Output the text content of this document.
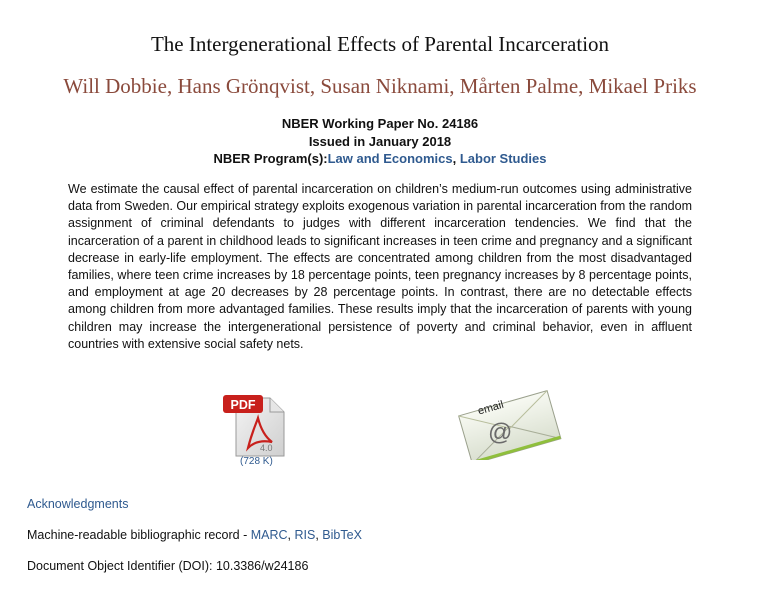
The Intergenerational Effects of Parental Incarceration
Will Dobbie, Hans Grönqvist, Susan Niknami, Mårten Palme, Mikael Priks
NBER Working Paper No. 24186
Issued in January 2018
NBER Program(s):Law and Economics, Labor Studies

We estimate the causal effect of parental incarceration on children’s medium-run outcomes using administrative data from Sweden. Our empirical strategy exploits exogenous variation in parental incarceration from the random assignment of criminal defendants to judges with different incarceration tendencies. We find that the incarceration of a parent in childhood leads to significant increases in teen crime and pregnancy and a significant decrease in early-life employment. The effects are concentrated among children from the most disadvantaged families, where teen crime increases by 18 percentage points, teen pregnancy increases by 8 percentage points, and employment at age 20 decreases by 28 percentage points. In contrast, there are no detectable effects among children from more advantaged families. These results imply that the incarceration of parents with young children may increase the intergenerational persistence of poverty and criminal behavior, even in affluent countries with extensive social safety nets.

PDF
4.0
(728 K)
email
@
Acknowledgments
Machine-readable bibliographic record - MARC, RIS, BibTeX
Document Object Identifier (DOI): 10.3386/w24186
